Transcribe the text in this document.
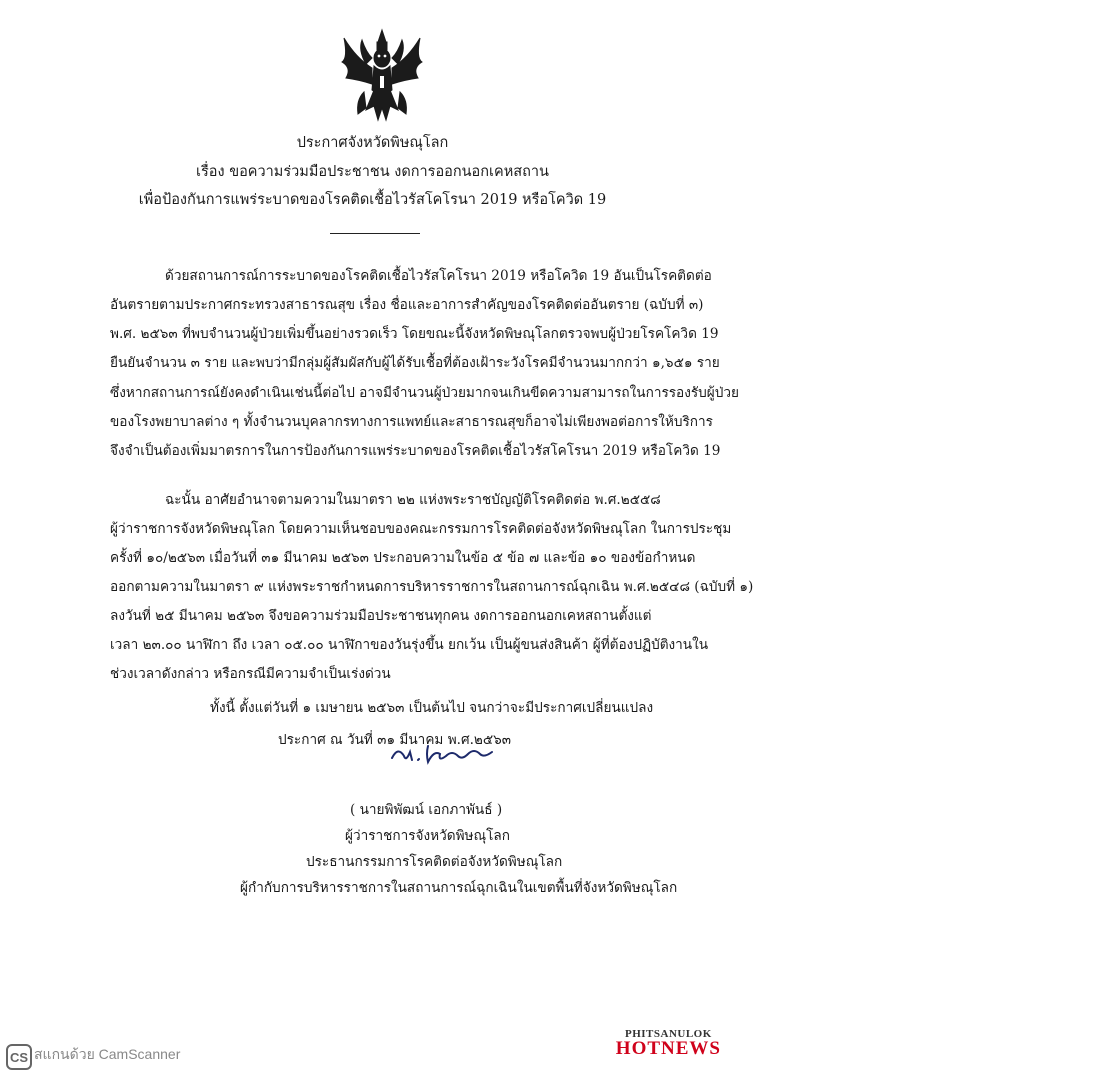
ประกาศจังหวัดพิษณุโลก
เรื่อง ขอความร่วมมือประชาชน งดการออกนอกเคหสถาน
เพื่อป้องกันการแพร่ระบาดของโรคติดเชื้อไวรัสโคโรนา 2019 หรือโควิด 19
ด้วยสถานการณ์การระบาดของโรคติดเชื้อไวรัสโคโรนา 2019 หรือโควิด 19 อันเป็นโรคติดต่อ
อันตรายตามประกาศกระทรวงสาธารณสุข เรื่อง ชื่อและอาการสำคัญของโรคติดต่ออันตราย (ฉบับที่ ๓)
พ.ศ. ๒๕๖๓ ที่พบจำนวนผู้ป่วยเพิ่มขึ้นอย่างรวดเร็ว โดยขณะนี้จังหวัดพิษณุโลกตรวจพบผู้ป่วยโรคโควิด 19
ยืนยันจำนวน ๓ ราย และพบว่ามีกลุ่มผู้สัมผัสกับผู้ได้รับเชื้อที่ต้องเฝ้าระวังโรคมีจำนวนมากกว่า ๑,๖๕๑ ราย
ซึ่งหากสถานการณ์ยังคงดำเนินเช่นนี้ต่อไป อาจมีจำนวนผู้ป่วยมากจนเกินขีดความสามารถในการรองรับผู้ป่วย
ของโรงพยาบาลต่าง ๆ ทั้งจำนวนบุคลากรทางการแพทย์และสาธารณสุขก็อาจไม่เพียงพอต่อการให้บริการ
จึงจำเป็นต้องเพิ่มมาตรการในการป้องกันการแพร่ระบาดของโรคติดเชื้อไวรัสโคโรนา 2019 หรือโควิด 19
ฉะนั้น อาศัยอำนาจตามความในมาตรา ๒๒ แห่งพระราชบัญญัติโรคติดต่อ พ.ศ.๒๕๕๘
ผู้ว่าราชการจังหวัดพิษณุโลก โดยความเห็นชอบของคณะกรรมการโรคติดต่อจังหวัดพิษณุโลก ในการประชุม
ครั้งที่ ๑๐/๒๕๖๓ เมื่อวันที่ ๓๑ มีนาคม ๒๕๖๓ ประกอบความในข้อ ๕ ข้อ ๗ และข้อ ๑๐ ของข้อกำหนด
ออกตามความในมาตรา ๙ แห่งพระราชกำหนดการบริหารราชการในสถานการณ์ฉุกเฉิน พ.ศ.๒๕๔๘ (ฉบับที่ ๑)
ลงวันที่ ๒๕ มีนาคม ๒๕๖๓ จึงขอความร่วมมือประชาชนทุกคน งดการออกนอกเคหสถานตั้งแต่
เวลา ๒๓.๐๐ นาฬิกา ถึง เวลา ๐๕.๐๐ นาฬิกาของวันรุ่งขึ้น ยกเว้น เป็นผู้ขนส่งสินค้า ผู้ที่ต้องปฏิบัติงานใน
ช่วงเวลาดังกล่าว หรือกรณีมีความจำเป็นเร่งด่วน
ทั้งนี้ ตั้งแต่วันที่ ๑ เมษายน ๒๕๖๓ เป็นต้นไป จนกว่าจะมีประกาศเปลี่ยนแปลง
ประกาศ ณ วันที่ ๓๑ มีนาคม พ.ศ.๒๕๖๓
( นายพิพัฒน์ เอกภาพันธ์ )
ผู้ว่าราชการจังหวัดพิษณุโลก
ประธานกรรมการโรคติดต่อจังหวัดพิษณุโลก
ผู้กำกับการบริหารราชการในสถานการณ์ฉุกเฉินในเขตพื้นที่จังหวัดพิษณุโลก
PHITSANULOK
HOTNEWS
CS สแกนด้วย CamScanner
